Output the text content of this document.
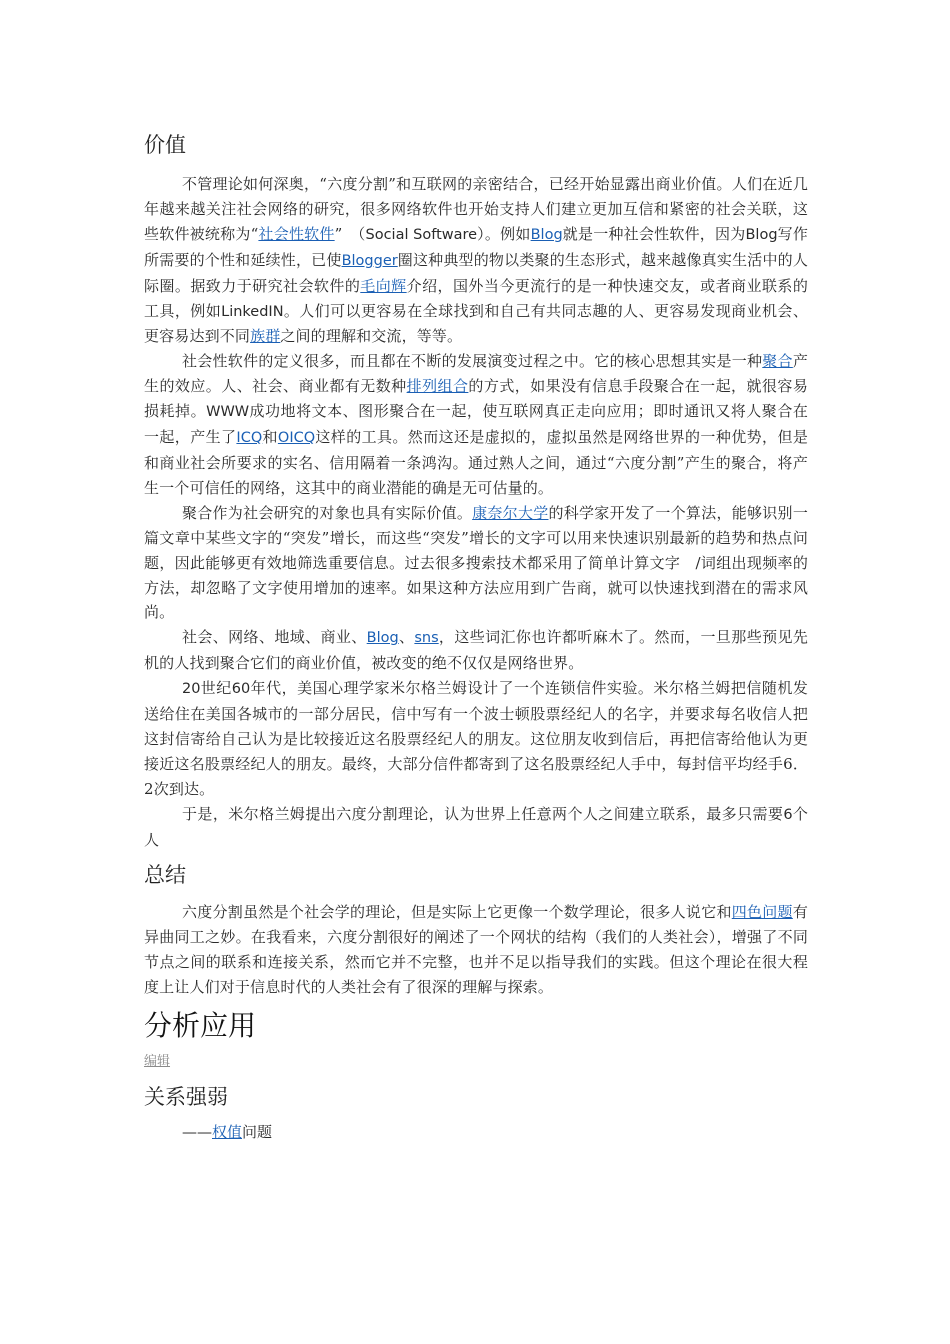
价值

不管理论如何深奥，“六度分割”和互联网的亲密结合，已经开始显露出商业价值。人们在近几年越来越关注社会网络的研究，很多网络软件也开始支持人们建立更加互信和紧密的社会关联，这些软件被统称为“社会性软件”　（Social Software）。例如Blog就是一种社会性软件，因为Blog写作所需要的个性和延续性，已使Blogger圈这种典型的物以类聚的生态形式，越来越像真实生活中的人际圈。据致力于研究社会软件的毛向辉介绍，国外当今更流行的是一种快速交友，或者商业联系的工具，例如LinkedIN。人们可以更容易在全球找到和自己有共同志趣的人、更容易发现商业机会、更容易达到不同族群之间的理解和交流，等等。

社会性软件的定义很多，而且都在不断的发展演变过程之中。它的核心思想其实是一种聚合产生的效应。人、社会、商业都有无数种排列组合的方式，如果没有信息手段聚合在一起，就很容易损耗掉。WWW成功地将文本、图形聚合在一起，使互联网真正走向应用；即时通讯又将人聚合在一起，产生了ICQ和OICQ这样的工具。然而这还是虚拟的，虚拟虽然是网络世界的一种优势，但是和商业社会所要求的实名、信用隔着一条鸿沟。通过熟人之间，通过“六度分割”产生的聚合，将产生一个可信任的网络，这其中的商业潜能的确是无可估量的。

聚合作为社会研究的对象也具有实际价值。康奈尔大学的科学家开发了一个算法，能够识别一篇文章中某些文字的“突发”增长，而这些“突发”增长的文字可以用来快速识别最新的趋势和热点问题，因此能够更有效地筛选重要信息。过去很多搜索技术都采用了简单计算文字　/词组出现频率的方法，却忽略了文字使用增加的速率。如果这种方法应用到广告商，就可以快速找到潜在的需求风尚。

社会、网络、地域、商业、Blog、sns，这些词汇你也许都听麻木了。然而，一旦那些预见先机的人找到聚合它们的商业价值，被改变的绝不仅仅是网络世界。

20世纪60年代，美国心理学家米尔格兰姆设计了一个连锁信件实验。米尔格兰姆把信随机发送给住在美国各城市的一部分居民，信中写有一个波士顿股票经纪人的名字，并要求每名收信人把这封信寄给自己认为是比较接近这名股票经纪人的朋友。这位朋友收到信后，再把信寄给他认为更接近这名股票经纪人的朋友。最终，大部分信件都寄到了这名股票经纪人手中，每封信平均经手6．2次到达。

于是，米尔格兰姆提出六度分割理论，认为世界上任意两个人之间建立联系，最多只需要6个人

总结

六度分割虽然是个社会学的理论，但是实际上它更像一个数学理论，很多人说它和四色问题有异曲同工之妙。在我看来，六度分割很好的阐述了一个网状的结构（我们的人类社会），增强了不同节点之间的联系和连接关系，然而它并不完整，也并不足以指导我们的实践。但这个理论在很大程度上让人们对于信息时代的人类社会有了很深的理解与探索。

分析应用
编辑
关系强弱

——权值问题
